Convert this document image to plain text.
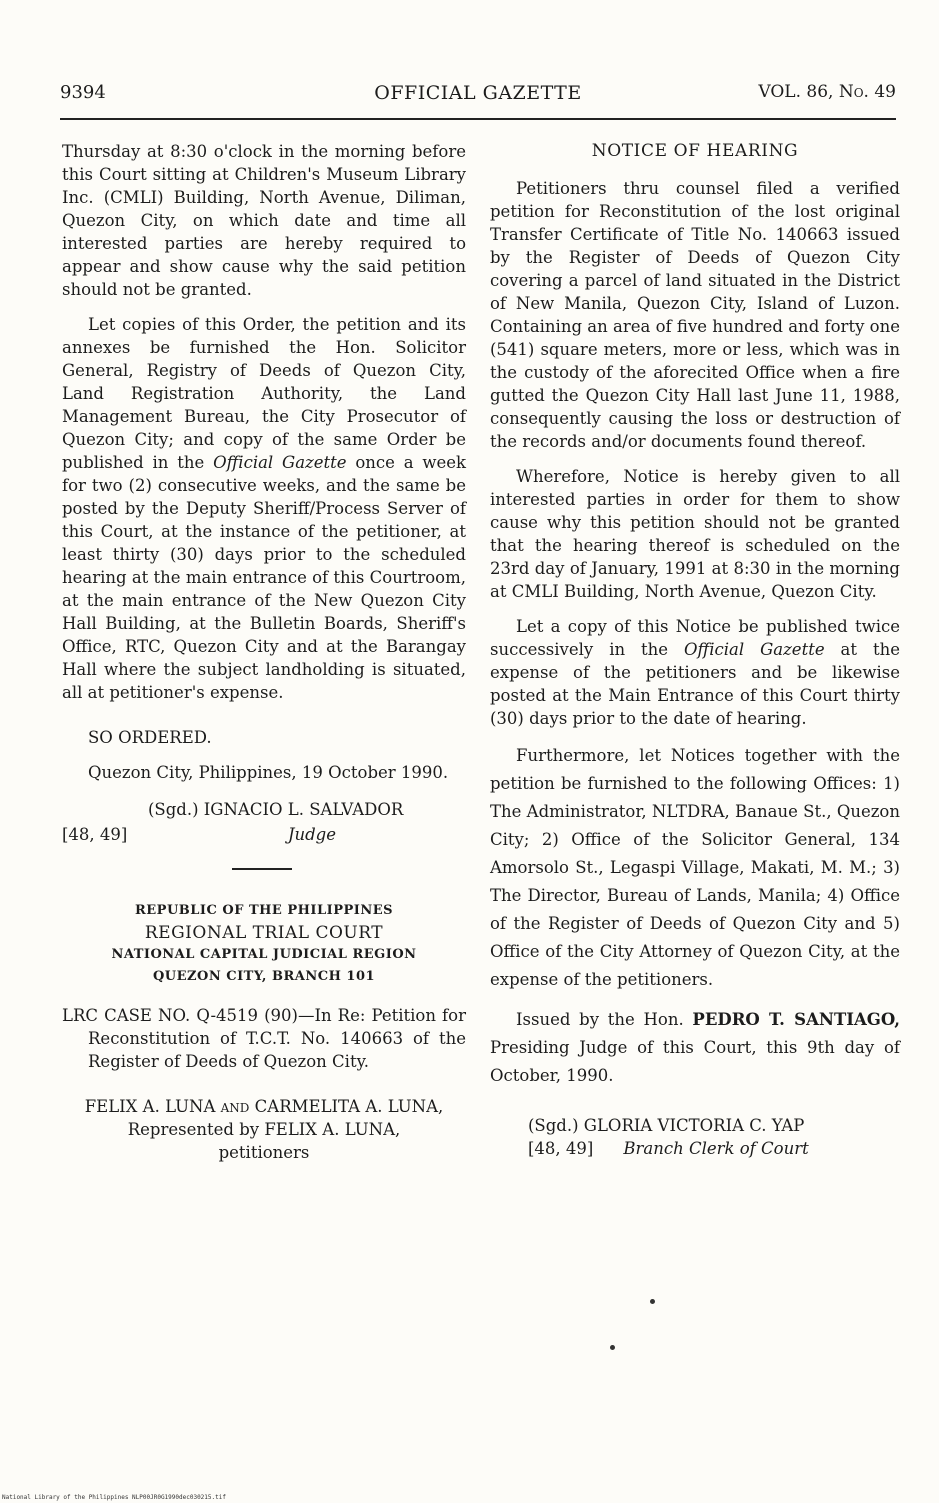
9394	OFFICIAL GAZETTE	VOL. 86, No. 49

Thursday at 8:30 o'clock in the morning before this Court sitting at Children's Museum Library Inc. (CMLI) Building, North Avenue, Diliman, Quezon City, on which date and time all interested parties are hereby required to appear and show cause why the said petition should not be granted.

Let copies of this Order, the petition and its annexes be furnished the Hon. Solicitor General, Registry of Deeds of Quezon City, Land Registration Authority, the Land Management Bureau, the City Prosecutor of Quezon City; and copy of the same Order be published in the Official Gazette once a week for two (2) consecutive weeks, and the same be posted by the Deputy Sheriff/Process Server of this Court, at the instance of the petitioner, at least thirty (30) days prior to the scheduled hearing at the main entrance of this Courtroom, at the main entrance of the New Quezon City Hall Building, at the Bulletin Boards, Sheriff's Office, RTC, Quezon City and at the Barangay Hall where the subject landholding is situated, all at petitioner's expense.

SO ORDERED.

Quezon City, Philippines, 19 October 1990.

(Sgd.) IGNACIO L. SALVADOR
[48, 49]	Judge
REPUBLIC OF THE PHILIPPINES
REGIONAL TRIAL COURT
NATIONAL CAPITAL JUDICIAL REGION
QUEZON CITY, BRANCH 101

LRC CASE NO. Q-4519 (90)—In Re: Petition for Reconstitution of T.C.T. No. 140663 of the Register of Deeds of Quezon City.

FELIX A. LUNA and CARMELITA A. LUNA,
Represented by FELIX A. LUNA,
petitioners
NOTICE OF HEARING

Petitioners thru counsel filed a verified petition for Reconstitution of the lost original Transfer Certificate of Title No. 140663 issued by the Register of Deeds of Quezon City covering a parcel of land situated in the District of New Manila, Quezon City, Island of Luzon. Containing an area of five hundred and forty one (541) square meters, more or less, which was in the custody of the aforecited Office when a fire gutted the Quezon City Hall last June 11, 1988, consequently causing the loss or destruction of the records and/or documents found thereof.

Wherefore, Notice is hereby given to all interested parties in order for them to show cause why this petition should not be granted that the hearing thereof is scheduled on the 23rd day of January, 1991 at 8:30 in the morning at CMLI Building, North Avenue, Quezon City.

Let a copy of this Notice be published twice successively in the Official Gazette at the expense of the petitioners and be likewise posted at the Main Entrance of this Court thirty (30) days prior to the date of hearing.

Furthermore, let Notices together with the petition be furnished to the following Offices: 1) The Administrator, NLTDRA, Banaue St., Quezon City; 2) Office of the Solicitor General, 134 Amorsolo St., Legaspi Village, Makati, M. M.; 3) The Director, Bureau of Lands, Manila; 4) Office of the Register of Deeds of Quezon City and 5) Office of the City Attorney of Quezon City, at the expense of the petitioners.

Issued by the Hon. PEDRO T. SANTIAGO, Presiding Judge of this Court, this 9th day of October, 1990.

(Sgd.) GLORIA VICTORIA C. YAP
[48, 49] Branch Clerk of Court
National Library of the Philippines NLP00JR0G1990dec030215.tif
